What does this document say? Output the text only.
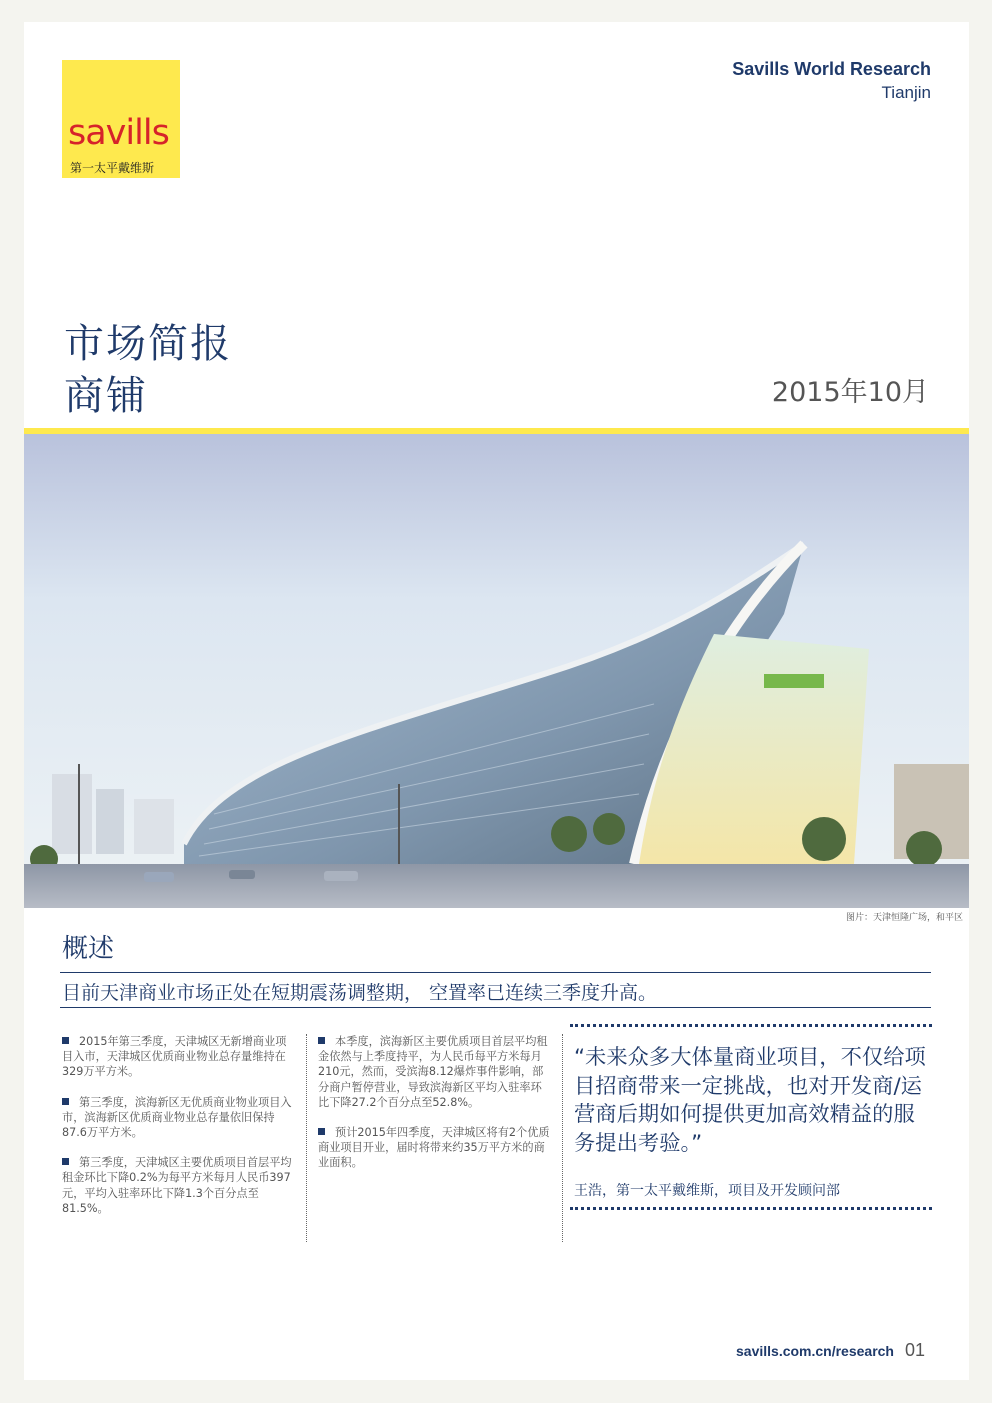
savills
第一太平戴维斯
Savills World Research
Tianjin
市场简报
商铺	2015年10月
图片：天津恒隆广场，和平区
概述
目前天津商业市场正处在短期震荡调整期， 空置率已连续三季度升高。

2015年第三季度，天津城区无新增商业项目入市，天津城区优质商业物业总存量维持在329万平方米。

第三季度，滨海新区无优质商业物业项目入市，滨海新区优质商业物业总存量依旧保持87.6万平方米。

第三季度，天津城区主要优质项目首层平均租金环比下降0.2%为每平方米每月人民币397元，平均入驻率环比下降1.3个百分点至81.5%。

本季度，滨海新区主要优质项目首层平均租金依然与上季度持平，为人民币每平方米每月210元，然而，受滨海8.12爆炸事件影响，部分商户暂停营业，导致滨海新区平均入驻率环比下降27.2个百分点至52.8%。

预计2015年四季度，天津城区将有2个优质商业项目开业，届时将带来约35万平方米的商业面积。

“未来众多大体量商业项目，不仅给项目招商带来一定挑战，也对开发商/运营商后期如何提供更加高效精益的服务提出考验。”
王浩，第一太平戴维斯，项目及开发顾问部
savills.com.cn/research 01
